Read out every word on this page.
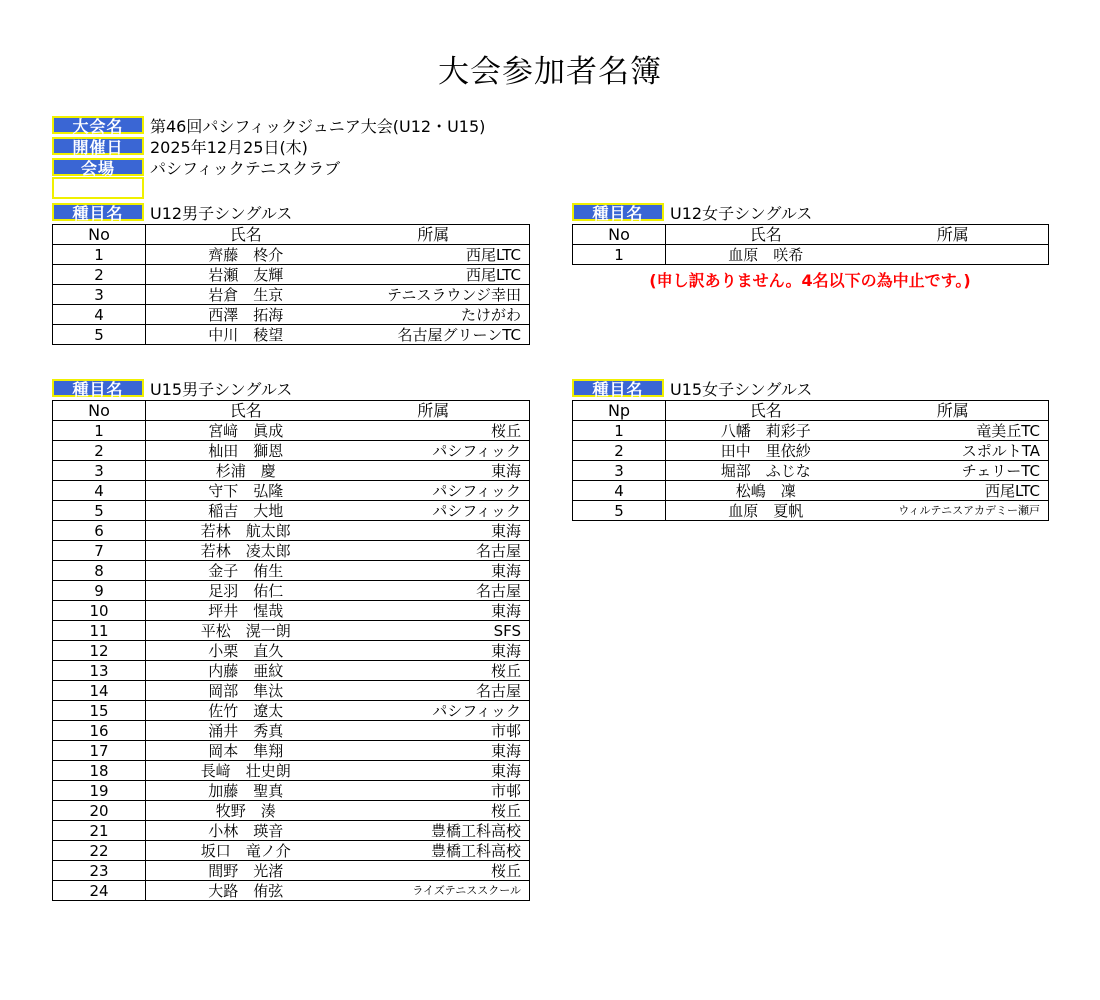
大会参加者名簿
大会名	第46回パシフィックジュニア大会(U12・U15)
開催日	2025年12月25日(木)
会場	パシフィックテニスクラブ
種目名	U12男子シングルス	種目名	U12女子シングルス
種目名	U15男子シングルス	種目名	U15女子シングルス
No	氏名	所属
1	齊藤　柊介	西尾LTC
2	岩瀬　友輝	西尾LTC
3	岩倉　生京	テニスラウンジ幸田
4	西澤　拓海	たけがわ
5	中川　稜望	名古屋グリーンTC
No	氏名	所属
1	血原　咲希	
(申し訳ありません。4名以下の為中止です。)
No	氏名	所属
1	宮﨑　眞成	桜丘
2	杣田　獅恩	パシフィック
3	杉浦　慶	東海
4	守下　弘隆	パシフィック
5	稲吉　大地	パシフィック
6	若林　航太郎	東海
7	若林　凌太郎	名古屋
8	金子　侑生	東海
9	足羽　佑仁	名古屋
10	坪井　惺哉	東海
11	平松　滉一朗	SFS
12	小栗　直久	東海
13	内藤　亜紋	桜丘
14	岡部　隼汰	名古屋
15	佐竹　遼太	パシフィック
16	涌井　秀真	市邨
17	岡本　隼翔	東海
18	長﨑　壮史朗	東海
19	加藤　聖真	市邨
20	牧野　湊	桜丘
21	小林　瑛音	豊橋工科高校
22	坂口　竜ノ介	豊橋工科高校
23	間野　光渚	桜丘
24	大路　侑弦	ライズテニススクール
Np	氏名	所属
1	八幡　莉彩子	竜美丘TC
2	田中　里依紗	スポルトTA
3	堀部　ふじな	チェリーTC
4	松嶋　凜	西尾LTC
5	血原　夏帆	ウィルテニスアカデミー瀬戸
